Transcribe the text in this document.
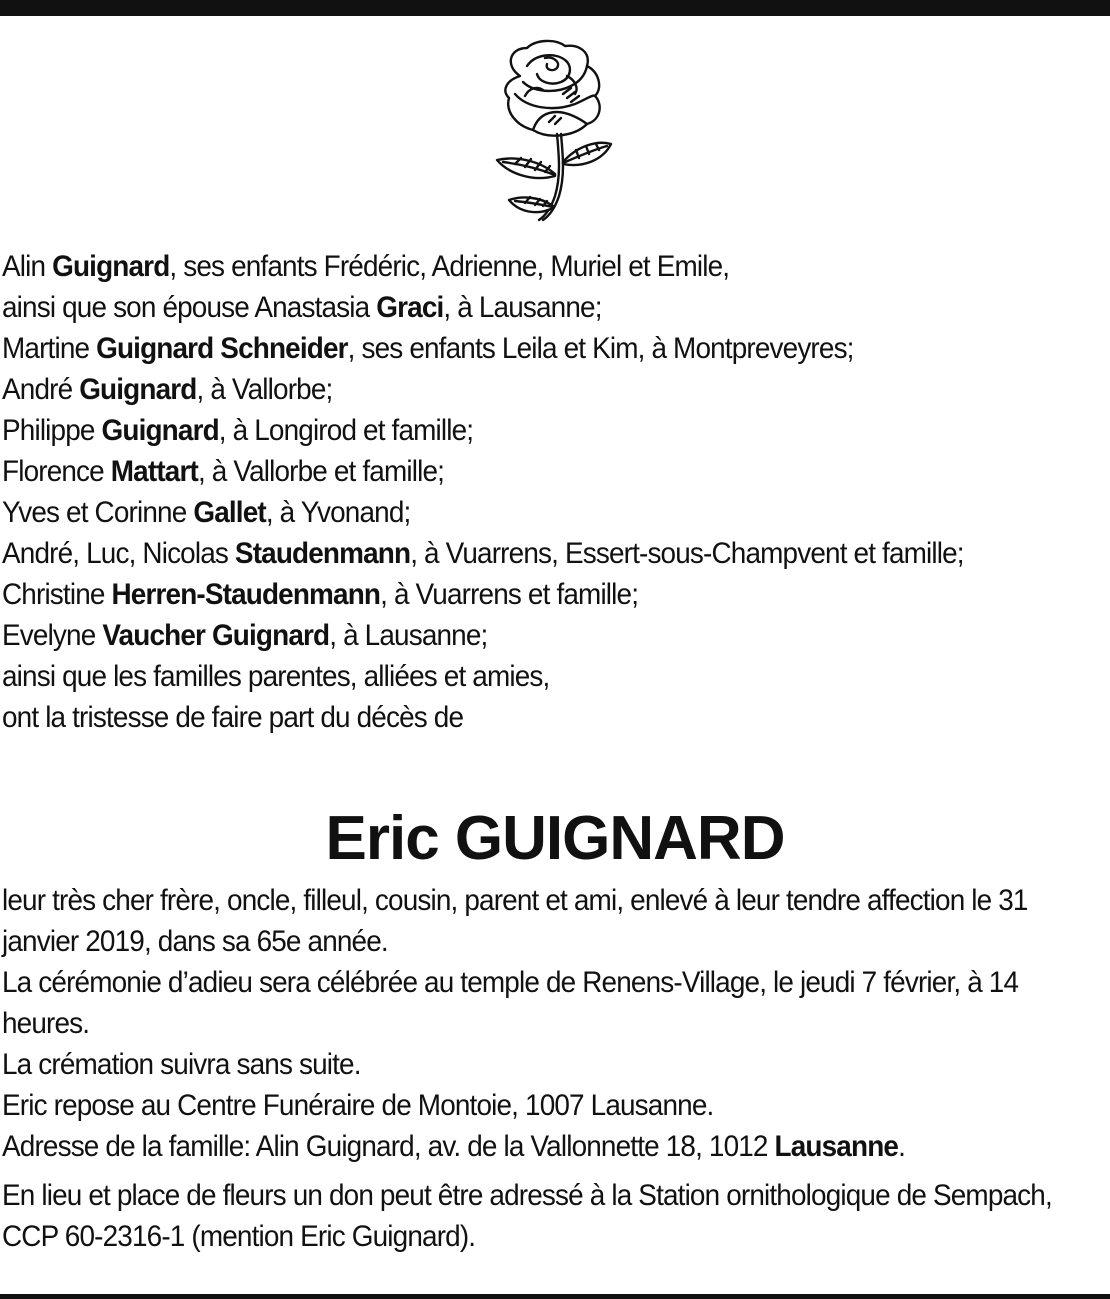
Alin Guignard, ses enfants Frédéric, Adrienne, Muriel et Emile,

ainsi que son épouse Anastasia Graci, à Lausanne;

Martine Guignard Schneider, ses enfants Leila et Kim, à Montpreveyres;

André Guignard, à Vallorbe;

Philippe Guignard, à Longirod et famille;

Florence Mattart, à Vallorbe et famille;

Yves et Corinne Gallet, à Yvonand;

André, Luc, Nicolas Staudenmann, à Vuarrens, Essert-sous-Champvent et famille;

Christine Herren-Staudenmann, à Vuarrens et famille;

Evelyne Vaucher Guignard, à Lausanne;

ainsi que les familles parentes, alliées et amies,

ont la tristesse de faire part du décès de

Eric GUIGNARD

leur très cher frère, oncle, filleul, cousin, parent et ami, enlevé à leur tendre affection le 31 janvier 2019, dans sa 65e année.

La cérémonie d’adieu sera célébrée au temple de Renens-Village, le jeudi 7 février, à 14 heures.

La crémation suivra sans suite.

Eric repose au Centre Funéraire de Montoie, 1007 Lausanne.

Adresse de la famille: Alin Guignard, av. de la Vallonnette 18, 1012 Lausanne.

En lieu et place de fleurs un don peut être adressé à la Station ornithologique de Sempach, CCP 60-2316-1 (mention Eric Guignard).
